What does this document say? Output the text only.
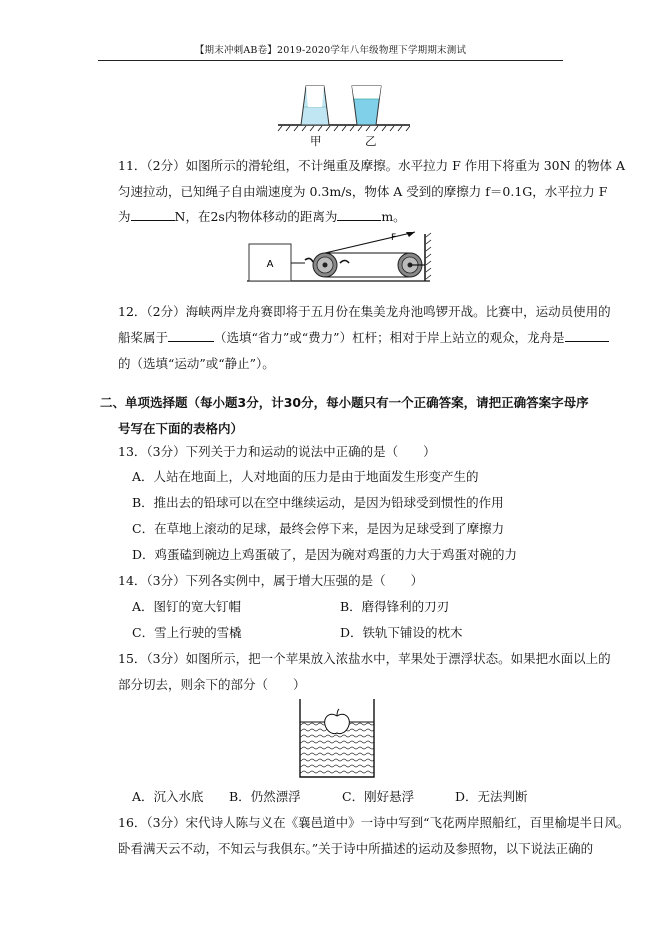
【期末冲刺AB卷】2019-2020学年八年级物理下学期期末测试
甲	乙
11．（2分）如图所示的滑轮组，不计绳重及摩擦。水平拉力 F 作用下将重为 30N 的物体 A
匀速拉动，已知绳子自由端速度为 0.3m/s，物体 A 受到的摩擦力 f＝0.1G，水平拉力 F
为	N，在2s内物体移动的距离为	m。
A
F
12．（2分）海峡两岸龙舟赛即将于五月份在集美龙舟池鸣锣开战。比赛中，运动员使用的
船桨属于	（选填“省力”或“费力”）杠杆；相对于岸上站立的观众，龙舟是
的（选填“运动”或“静止”）。
二、单项选择题（每小题3分，计30分，每小题只有一个正确答案，请把正确答案字母序
号写在下面的表格内）
13．（3分）下列关于力和运动的说法中正确的是（　　）
A．人站在地面上，人对地面的压力是由于地面发生形变产生的
B．推出去的铅球可以在空中继续运动，是因为铅球受到惯性的作用
C．在草地上滚动的足球，最终会停下来，是因为足球受到了摩擦力
D．鸡蛋磕到碗边上鸡蛋破了，是因为碗对鸡蛋的力大于鸡蛋对碗的力
14．（3分）下列各实例中，属于增大压强的是（　　）
A．图钉的宽大钉帽	B．磨得锋利的刀刃
C．雪上行驶的雪橇	D．铁轨下铺设的枕木
15．（3分）如图所示，把一个苹果放入浓盐水中，苹果处于漂浮状态。如果把水面以上的
部分切去，则余下的部分（　　）
A．沉入水底 B．仍然漂浮	C．刚好悬浮	D．无法判断
16．（3分）宋代诗人陈与义在《襄邑道中》一诗中写到“飞花两岸照船红，百里榆堤半日风。
卧看满天云不动，不知云与我俱东。”关于诗中所描述的运动及参照物，以下说法正确的
